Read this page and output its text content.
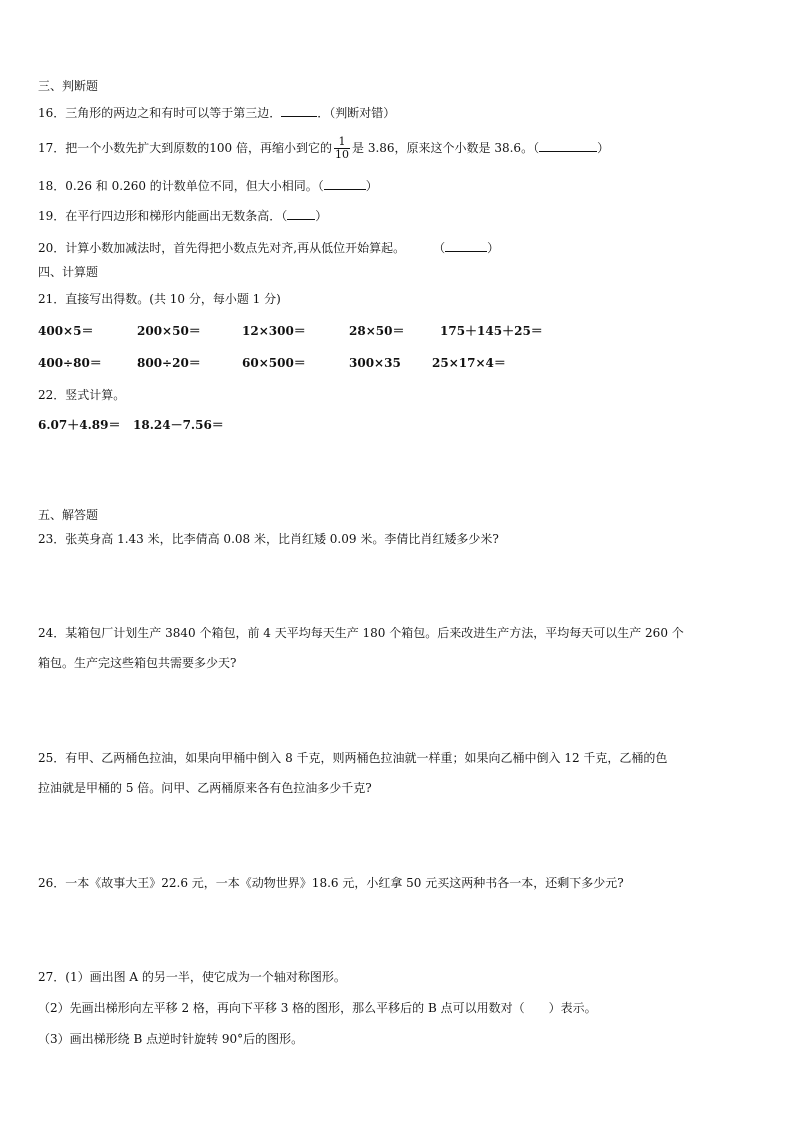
三、判断题
16．三角形的两边之和有时可以等于第三边．	．（判断对错）
17．把一个小数先扩大到原数的100 倍，再缩小到它的 $\frac{1}{10}$ 是 3.86，原来这个小数是 38.6。（	）
18．0.26 和 0.260 的计数单位不同，但大小相同。（	）
19．在平行四边形和梯形内能画出无数条高．（ ）
20．计算小数加减法时，首先得把小数点先对齐,再从低位开始算起。 （	）
四、计算题
21．直接写出得数。(共 10 分，每小题 1 分)
400×5＝	200×50＝	12×300＝	28×50＝	175＋145＋25＝
400÷80＝	800÷20＝	60×500＝	300×35	25×17×4＝
22．竖式计算。
6.07＋4.89＝ 18.24－7.56＝
五、解答题
23．张英身高 1.43 米，比李倩高 0.08 米，比肖红矮 0.09 米。李倩比肖红矮多少米?
24．某箱包厂计划生产 3840 个箱包，前 4 天平均每天生产 180 个箱包。后来改进生产方法，平均每天可以生产 260 个
箱包。生产完这些箱包共需要多少天?
25．有甲、乙两桶色拉油，如果向甲桶中倒入 8 千克，则两桶色拉油就一样重；如果向乙桶中倒入 12 千克，乙桶的色
拉油就是甲桶的 5 倍。问甲、乙两桶原来各有色拉油多少千克?
26．一本《故事大王》22.6 元，一本《动物世界》18.6 元，小红拿 50 元买这两种书各一本，还剩下多少元?
27．(1）画出图 A 的另一半，使它成为一个轴对称图形。
（2）先画出梯形向左平移 2 格，再向下平移 3 格的图形，那么平移后的 B 点可以用数对（　　）表示。
（3）画出梯形绕 B 点逆时针旋转 90°后的图形。
